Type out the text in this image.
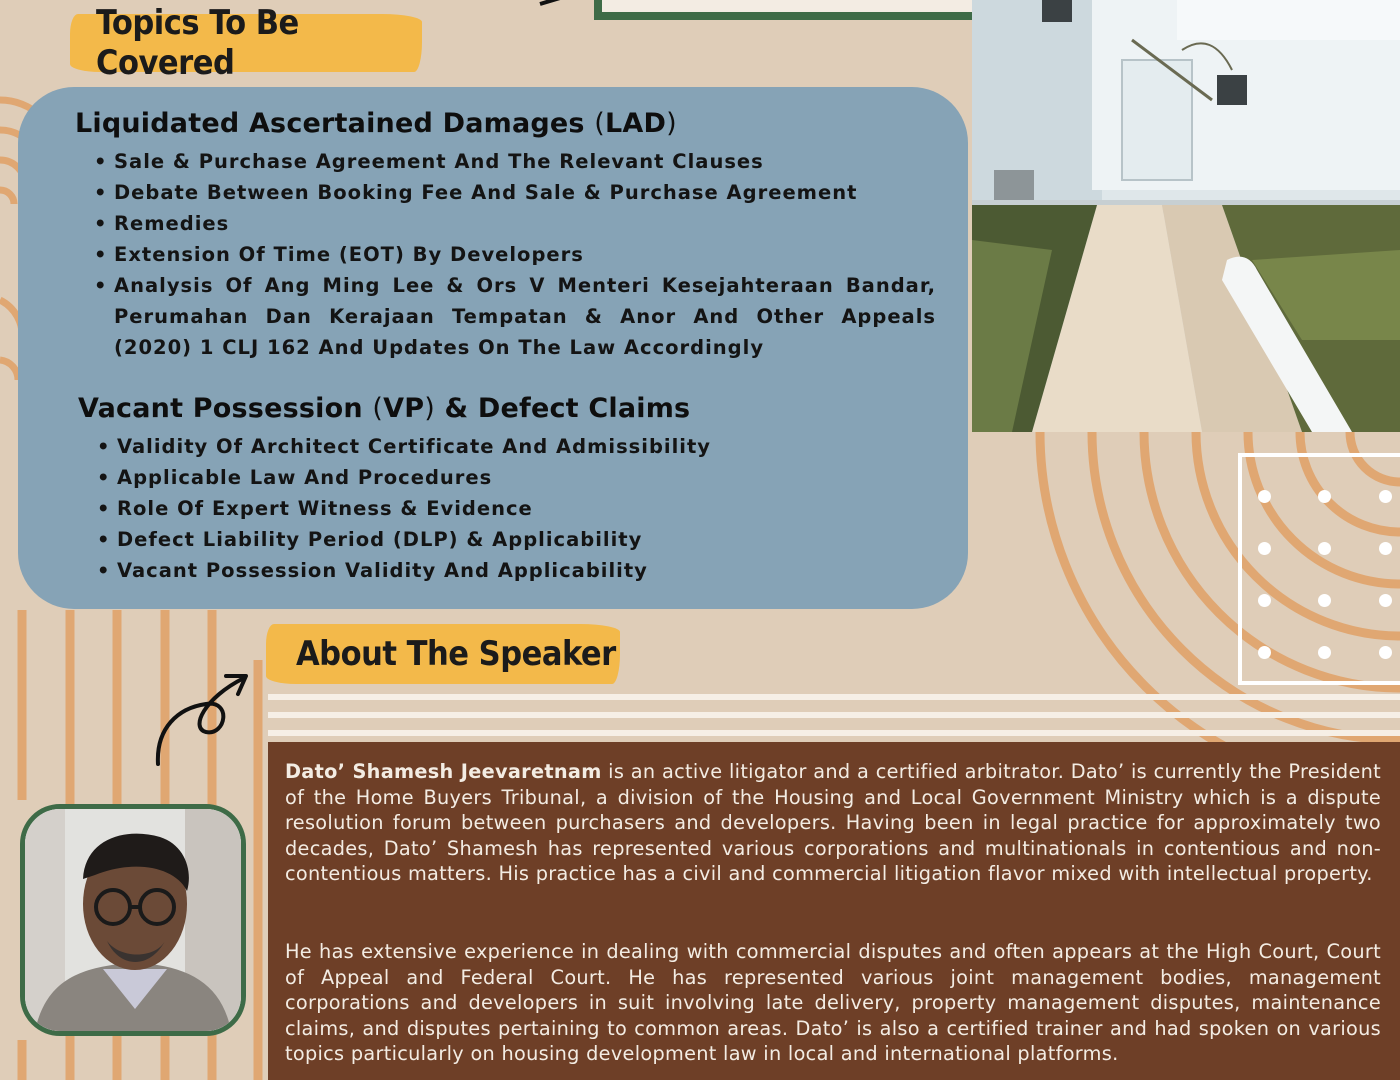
Topics To Be Covered
Liquidated Ascertained Damages (LAD)
• Sale & Purchase Agreement And The Relevant Clauses
• Debate Between Booking Fee And Sale & Purchase Agreement
• Remedies
• Extension Of Time (EOT) By Developers
• Analysis Of Ang Ming Lee & Ors V Menteri Kesejahteraan Bandar, Perumahan Dan Kerajaan Tempatan & Anor And Other Appeals (2020) 1 CLJ 162 And Updates On The Law Accordingly
Vacant Possession (VP) & Defect Claims
• Validity Of Architect Certificate And Admissibility
• Applicable Law And Procedures
• Role Of Expert Witness & Evidence
• Defect Liability Period (DLP) & Applicability
• Vacant Possession Validity And Applicability
About The Speaker

Dato’ Shamesh Jeevaretnam is an active litigator and a certified arbitrator. Dato’ is currently the President of the Home Buyers Tribunal, a division of the Housing and Local Government Ministry which is a dispute resolution forum between purchasers and developers. Having been in legal practice for approximately two decades, Dato’ Shamesh has represented various corporations and multinationals in contentious and non-contentious matters. His practice has a civil and commercial litigation flavor mixed with intellectual property.

He has extensive experience in dealing with commercial disputes and often appears at the High Court, Court of Appeal and Federal Court. He has represented various joint management bodies, management corporations and developers in suit involving late delivery, property management disputes, maintenance claims, and disputes pertaining to common areas. Dato’ is also a certified trainer and had spoken on various topics particularly on housing development law in local and international platforms.
